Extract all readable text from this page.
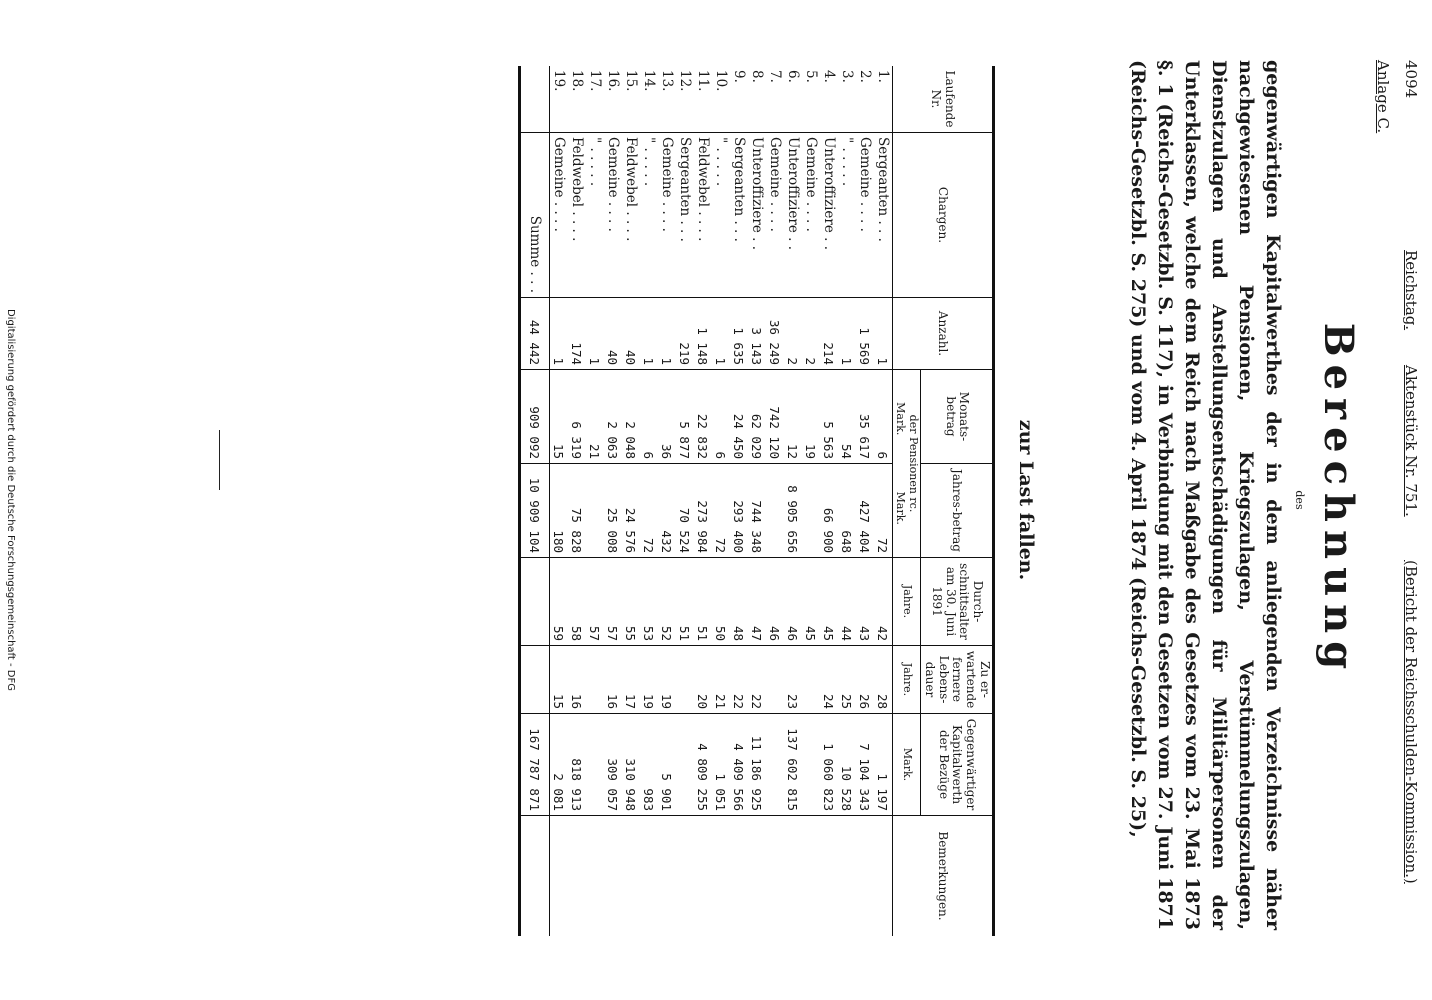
4094
Reichstag.
Aktenstück Nr. 751.
(Bericht der Reichsschulden-Kommission.)
Anlage C.
Berechnung
des
gegenwärtigen Kapitalwerthes der in dem anliegenden Verzeichnisse näher nachgewiesenen Pensionen, Kriegszulagen, Verstümmelungszulagen, Dienstzulagen und Anstellungsentschädigungen für Militärpersonen der Unterklassen, welche dem Reich nach Maßgabe des Gesetzes vom 23. Mai 1873 §. 1 (Reichs-Gesetzbl. S. 117), in Verbindung mit den Gesetzen vom 27. Juni 1871 (Reichs-Gesetzbl. S. 275) und vom 4. April 1874 (Reichs-Gesetzbl. S. 25),
zur Last fallen.
Laufende Nr.	Chargen.	Anzahl.	Monats-betrag	Jahres-betrag	Durch-schnittsalter am 30. Juni 1891	Zu er-wartende fernere Lebens-dauer	Gegenwärtiger Kapitalwerth der Bezüge	Bemerkungen.

			der Pensionen rc.
Mark.
Mark.		Jahre.	Jahre.	Mark.	
1.	Sergeanten . . .	1	6	72	42	28	1 197	
2.	Gemeine . . . .	1 569	35 617	427 404	43	26	7 104 343	
3.	" . . . . .	1	54	648	44	25	10 528	
4.	Unteroffiziere . .	214	5 563	66 900	45	24	1 060 823	
5.	Gemeine . . . .	2	19		45			
6.	Unteroffiziere . .	2	12	8 905 656	46	23	137 602 815	
7.	Gemeine . . . .	36 249	742 120		46			
8.	Unteroffiziere . .	3 143	62 029	744 348	47	22	11 186 925	
9.	Sergeanten . . .	1 635	24 450	293 400	48	22	4 409 566	
10.	" . . . . .	1	6	72	50	21	1 051	
11.	Feldwebel . . . .	1 148	22 832	273 984	51	20	4 809 255	
12.	Sergeanten . . .	219	5 877	70 524	51			
13.	Gemeine . . . .	1	36	432	52	19	5 901	
14.	" . . . . .	1	6	72	53	19	983	
15.	Feldwebel . . . .	40	2 048	24 576	55	17	310 948	
16.	Gemeine . . . .	40	2 063	25 008	57	16	309 057	
17.	" . . . . .	1	21		57			
18.	Feldwebel . . . .	174	6 319	75 828	58	16	818 913	
19.	Gemeine . . . .	1	15	180	59	15	2 081	
	Summe . . .	44 442	909 092	10 909 104			167 787 871	
Digitalisierung gefördert durch die Deutsche Forschungsgemeinschaft - DFG
